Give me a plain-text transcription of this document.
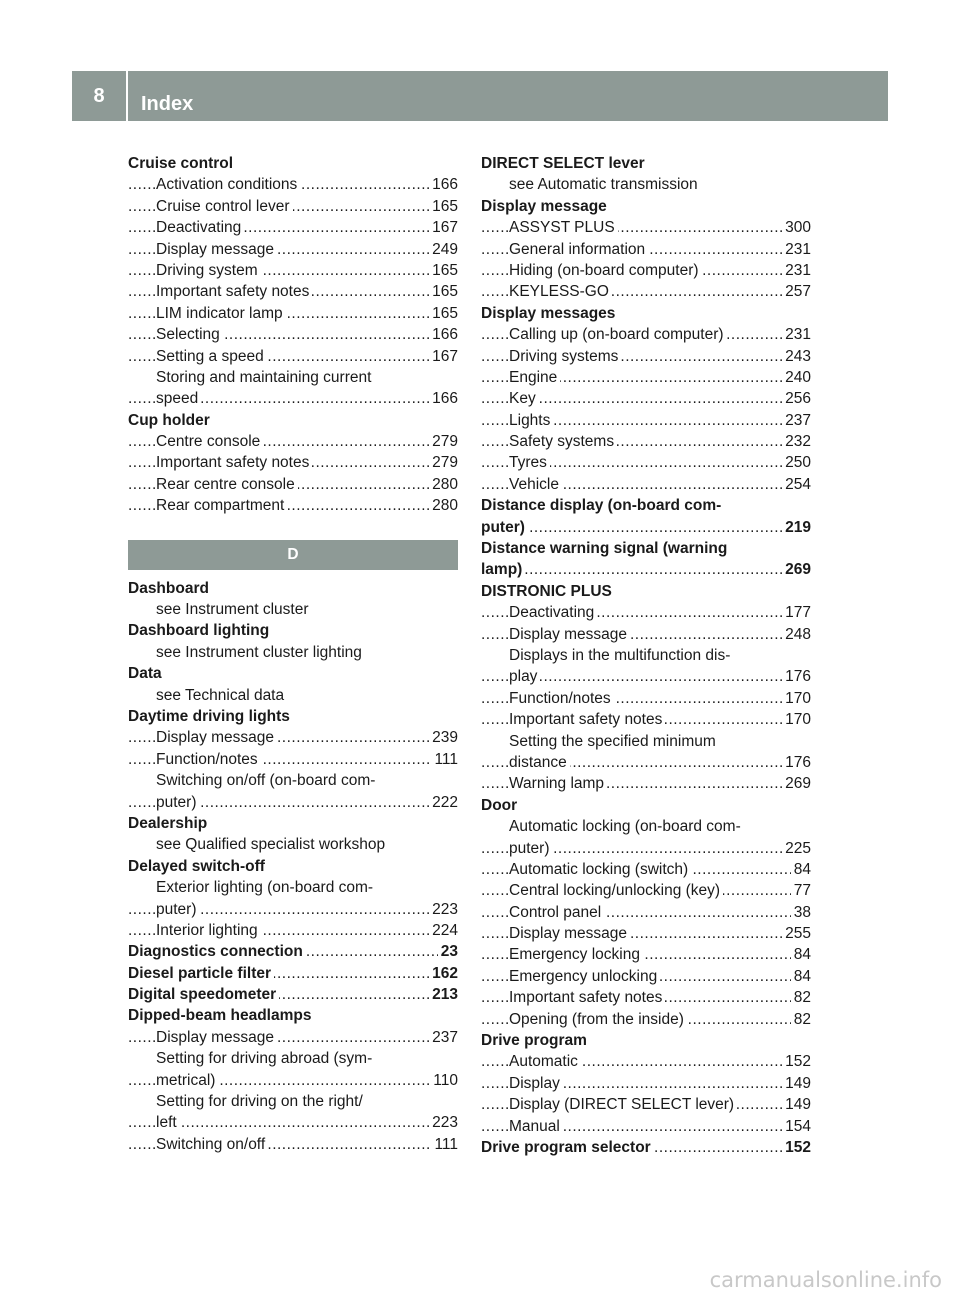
8	Index
Cruise control
Activation conditions	166
.....
Cruise control lever	165
.....
Deactivating	167
.....
Display message	249
.....
Driving system	165
.....
Important safety notes	165
.....
LIM indicator lamp	165
.....
Selecting	166
.....
Setting a speed	167
.....
Storing and maintaining current
speed	166
.....
Cup holder
Centre console	279
.....
Important safety notes	279
.....
Rear centre console	280
.....
Rear compartment	280
.....
D
Dashboard
see Instrument cluster
Dashboard lighting
see Instrument cluster lighting
Data
see Technical data
Daytime driving lights
Display message	239
.....
Function/notes	111
.....
Switching on/off (on-board com-
puter)	222
.....
Dealership
see Qualified specialist workshop
Delayed switch-off
Exterior lighting (on-board com-
puter)	223
.....
Interior lighting	224
.....
Diagnostics connection	23
.....
Diesel particle filter	162
.....
Digital speedometer	213
.....
Dipped-beam headlamps
Display message	237
.....
Setting for driving abroad (sym-
metrical)	110
.....
Setting for driving on the right/
left	223
.....
Switching on/off	111
.....
DIRECT SELECT lever
see Automatic transmission
Display message
ASSYST PLUS	300
.....
General information	231
.....
Hiding (on-board computer)	231
.....
KEYLESS-GO	257
.....
Display messages
Calling up (on-board computer)	231
.....
Driving systems	243
.....
Engine	240
.....
Key	256
.....
Lights	237
.....
Safety systems	232
.....
Tyres	250
.....
Vehicle	254
.....
Distance display (on-board com-
puter)	219
.....
Distance warning signal (warning
lamp)	269
.....
DISTRONIC PLUS
Deactivating	177
.....
Display message	248
.....
Displays in the multifunction dis-
play	176
.....
Function/notes	170
.....
Important safety notes	170
.....
Setting the specified minimum
distance	176
.....
Warning lamp	269
.....
Door
Automatic locking (on-board com-
puter)	225
.....
Automatic locking (switch)	84
.....
Central locking/unlocking (key)	77
.....
Control panel	38
.....
Display message	255
.....
Emergency locking	84
.....
Emergency unlocking	84
.....
Important safety notes	82
.....
Opening (from the inside)	82
.....
Drive program
Automatic	152
.....
Display	149
.....
Display (DIRECT SELECT lever)	149
.....
Manual	154
.....
Drive program selector	152
.....
carmanualsonline.info
